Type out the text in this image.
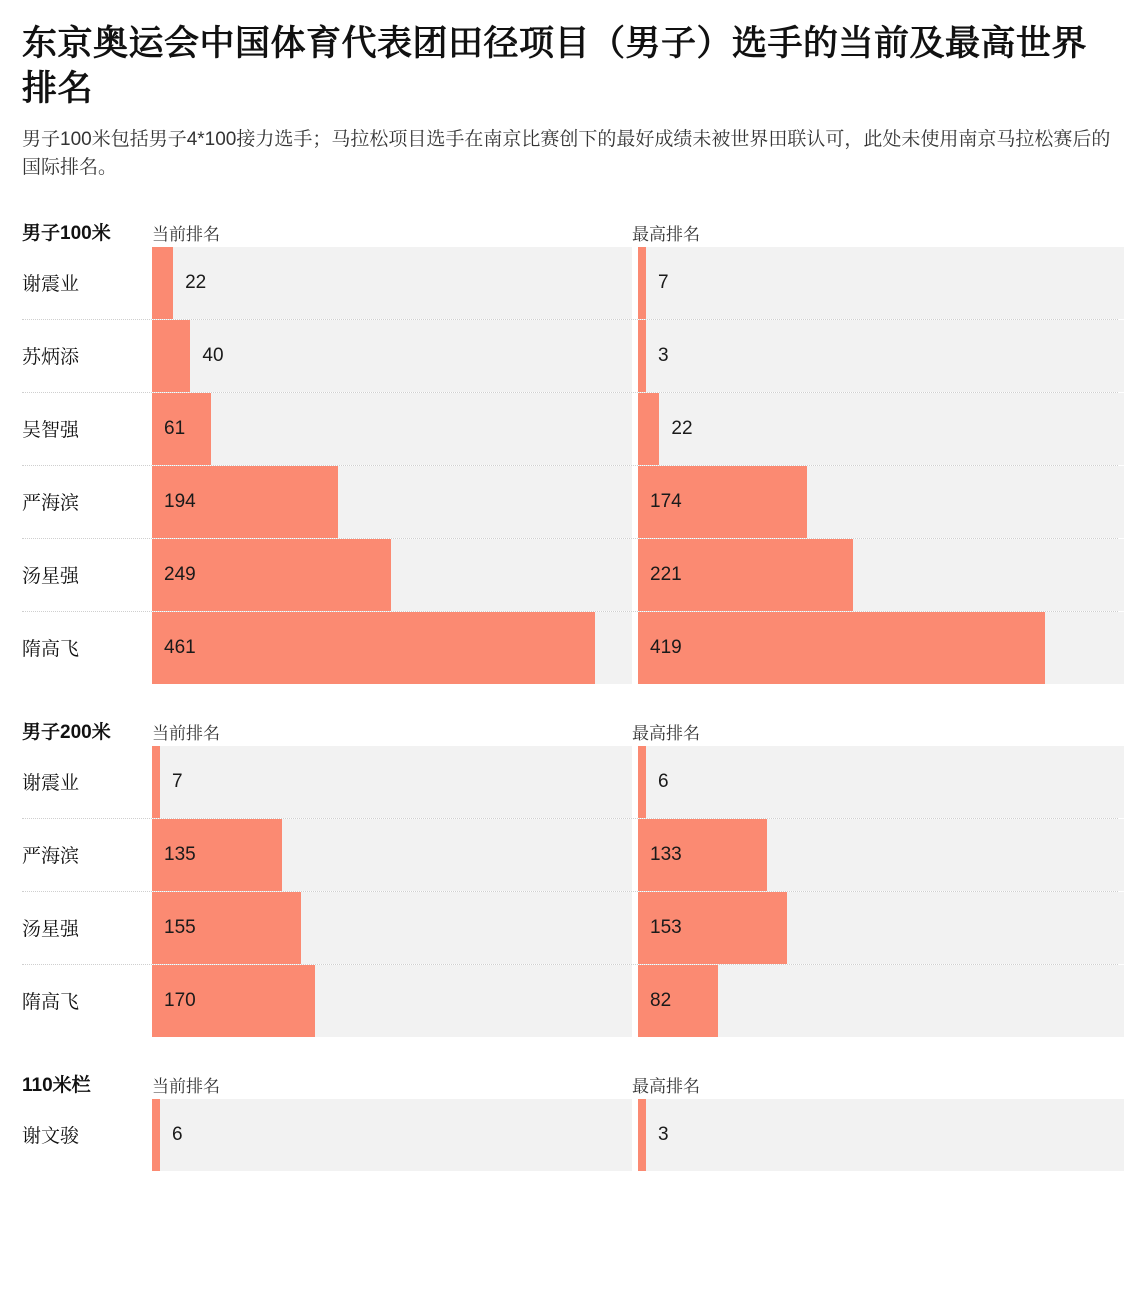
东京奥运会中国体育代表团田径项目（男子）选手的当前及最高世界排名

男子100米包括男子4*100接力选手；马拉松项目选手在南京比赛创下的最好成绩未被世界田联认可，此处未使用南京马拉松赛后的国际排名。

男子100米	当前排名	最高排名
谢震业	22	7
苏炳添	40	3
吴智强	61	22
严海滨	194	174
汤星强	249	221
隋高飞	461	419
男子200米	当前排名	最高排名
谢震业	7	6
严海滨	135	133
汤星强	155	153
隋高飞	170	82
110米栏	当前排名	最高排名
谢文骏	6	3
